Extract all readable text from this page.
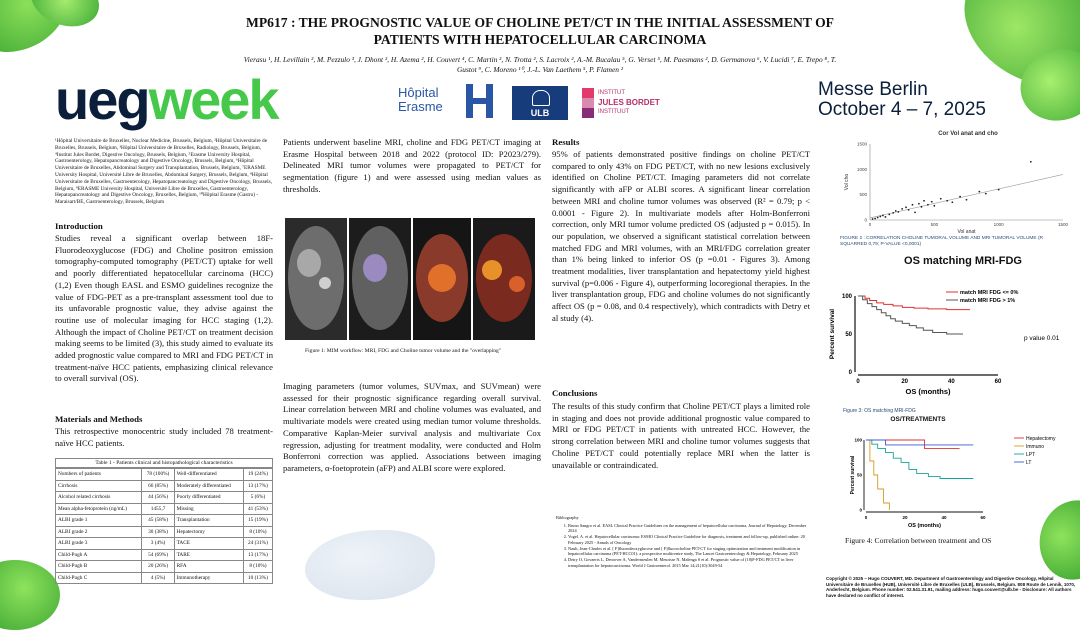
MP617 : THE PROGNOSTIC VALUE OF CHOLINE PET/CT IN THE INITIAL ASSESSMENT OF PATIENTS WITH HEPATOCELLULAR CARCINOMA
Vierasu ¹, H. Levillain ², M. Pezzulo ³, J. Dhont ², H. Azema ², H. Couvert ⁴, C. Martin ², N. Trotta ², S. Lacroix ², A.-M. Bucalau ⁵, G. Verset ⁵, M. Paesmans ², D. Germanova ⁶, V. Lucidi ⁷, E. Trepo ⁸, T. Gustot ⁹, C. Moreno ¹⁰, J.-L. Van Laethem ⁵, P. Flamen ²
uegweek	Messe Berlin
October 4 – 7, 2025
Hôpital
Erasme	ULB
INSTITUT
JULES BORDET
INSTITUUT
¹Hôpital Universitaire de Bruxelles, Nuclear Medicine, Brussels, Belgium, ²Hôpital Universitaire de Bruxelles, Brussels, Belgium, ³Hôpital Universitaire de Bruxelles, Radiology, Brussels, Belgium, ⁴Institut Jules Bordet, Digestive Oncology, Brussels, Belgium, ⁵Erasme University Hospital, Gastroenterology, Hepatopancreatology and Digestive Oncology, Brussels, Belgium, ⁶Hôpital Universitaire de Bruxelles, Abdominal Surgery and Transplantation, Brussels, Belgium, ⁷ERASME University Hospital, Université Libre de Bruxelles, Abdominal Surgery, Brussels, Belgium, ⁸Hôpital Universitaire de Bruxelles, Gastroenterology, Hepatopancreatology and Digestive Oncology, Brussels, Belgium, ⁹ERASME University Hospital, Université Libre de Bruxelles, Gastroenterology, Hepatopancreatology and Digestive Oncology, Bruxelles, Belgium, ¹⁰Hôpital Erasme (Gastro) - Maraisart/BE, Gastroenterology, Brussels, Belgium
Introduction
Studies reveal a significant overlap between 18F-Fluorodeoxyglucose (FDG) and Choline positron emission tomography-computed tomography (PET/CT) uptake for well and poorly differentiated hepatocellular carcinoma (HCC) (1,2) Even though EASL and ESMO guidelines recognize the value of FDG-PET as a pre-transplant assessment tool due to its unfavorable prognostic value, they advise against the routine use of molecular imaging for HCC staging (1,2). Although the impact of Choline PET/CT on treatment decision making seems to be limited (3), this study aimed to evaluate its added prognostic value compared to MRI and FDG PET/CT in treatment-naïve HCC patients, emphasizing clinical relevance to overall survival (OS).
Materials and Methods
This retrospective monocentric study included 78 treatment-naïve HCC patients.
Table 1 - Patients clinical and histopathological characteristics
Numbers of patients	78 (100%)	Well-differentiated	19 (24%)
Cirrhosis	66 (85%)	Moderately differentiated	13 (17%)
Alcohol related cirrhosis	44 (56%)	Poorly differentiated	5 (6%)
Mean alpha-fetoprotein (ng/mL)	1455,7	Missing	41 (53%)
ALBI grade 1	45 (58%)	Transplantation	15 (19%)
ALBI grade 2	30 (38%)	Hepatectomy	8 (10%)
ALBI grade 3	3 (4%)	TACE	24 (31%)
Child-Pugh A	54 (69%)	TARE	13 (17%)
Child-Pugh B	20 (26%)	RFA	8 (10%)
Child-Pugh C	4 (5%)	Immunotherapy	10 (13%)
Patients underwent baseline MRI, choline and FDG PET/CT imaging at Erasme Hospital between 2018 and 2022 (protocol ID: P2023/279). Delineated MRI tumor volumes were propagated to PET/CT for segmentation (figure 1) and were assessed using median values as thresholds.
Figure 1: MIM workflow: MRI, FDG and Choline tumor volume and the "overlapping"
Imaging parameters (tumor volumes, SUVmax, and SUVmean) were assessed for their prognostic significance regarding overall survival. Linear correlation between MRI and choline volumes was evaluated, and multivariate models were created using median tumor volume thresholds. Comparative Kaplan-Meier survival analysis and multivariate Cox regression, adjusting for treatment modality, were conducted and Holm Bonferroni correction was applied. Associations between imaging parameters, α-foetoprotein (aFP) and ALBI score were explored.
Results
95% of patients demonstrated positive findings on choline PET/CT compared to only 43% on FDG PET/CT, with no new lesions exclusively identified on Choline PET/CT. Imaging parameters did not correlate significantly with aFP or ALBI scores. A significant linear correlation between MRI and choline tumor volumes was observed (R² = 0.79; p < 0.0001 - Figure 2). In multivariate models after Holm-Bonferroni correction, only MRI tumor volume predicted OS (adjusted p = 0.015). In our population, we observed a significant statistical correlation between matched FDG and MRI volumes, with an MRI/FDG correlation greater than 1% being linked to inferior OS (p =0.01 - Figures 3). Among treatment modalities, liver transplantation and hepatectomy yield highest survival (p=0.006 - Figure 4), outperforming locoregional therapies. In the liver transplantation group, FDG and choline volumes do not significantly affect OS (p = 0.08, and 0.4 respectively), which contradicts with Detry et al study (4).
Conclusions
The results of this study confirm that Choline PET/CT plays a limited role in staging and does not provide additional prognostic value compared to MRI or FDG PET/CT in patients with untreated HCC. However, the strong correlation between MRI and choline tumor volumes suggests that Choline PET/CT could potentially replace MRI when the latter is unavailable or contraindicated.
Bibliography
1. Bruno Sangro et al. EASL Clinical Practice Guidelines on the management of hepatocellular carcinoma, Journal of Hepatology, December 2024
2. Vogel. A. et al. Hepatocellular carcinoma: ESMO Clinical Practice Guideline for diagnosis, treatment and follow-up, published online: 20 February 2025 - Annals of Oncology
3. Nault, Jean-Charles et al. [ F]fluorodeoxyglucose and [ F]fluorocholine PET-CT for staging optimization and treatment modification in hepatocellular carcinoma (PET-HCC01): a prospective multicentre study, The Lancet Gastroenterology & Hepatology, February 2025
4. Detry O, Govaerts L, Deroover A, Vandermeulen M, Meurisse N, Malenga S et al. Prognostic value of (18)F-FDG PET/CT in liver transplantation for hepatocarcinoma. World J Gastroenterol. 2015 Mar 14;21(10):3049-54
Cor Vol anat and cho
0	500	1000	1500
0
500
1000
1500
Vol anat
Vol cho
FIGURE 2 : CORRELATION CHOLINE TUMORAL VOLUME AND MRI TUMORAL VOLUME (R SQUARRED 0,79; P-VALUE <0,0001)
OS matching MRI-FDG
0	20	40	60
0
50
100
OS (months)
Percent survival
match MRI FDG <= 0%
match MRI FDG > 1%
p value 0.01
Figure 3: OS matching MRI-FDG
OS/TREATMENTS
0	20	40	60
0
50
100
OS (months)
Percent survival
Hepatectomy
Immuno
LPT
LT
Figure 4: Correlation between treatment and OS
Copyright © 2025 – Hugo COUVERT, MD. Department of Gastroenterology and Digestive Oncology, Hôpital Universitaire de Bruxelles (HUB), Université Libre de Bruxelles (ULB), Brussels, Belgium. 808 Route de Lennik, 1070, Anderlecht, Belgium. Phone number: 02.541.31.91, mailing address: hugo.couvert@ulb.be - Disclosure: All authors have declared no conflict of interest.
